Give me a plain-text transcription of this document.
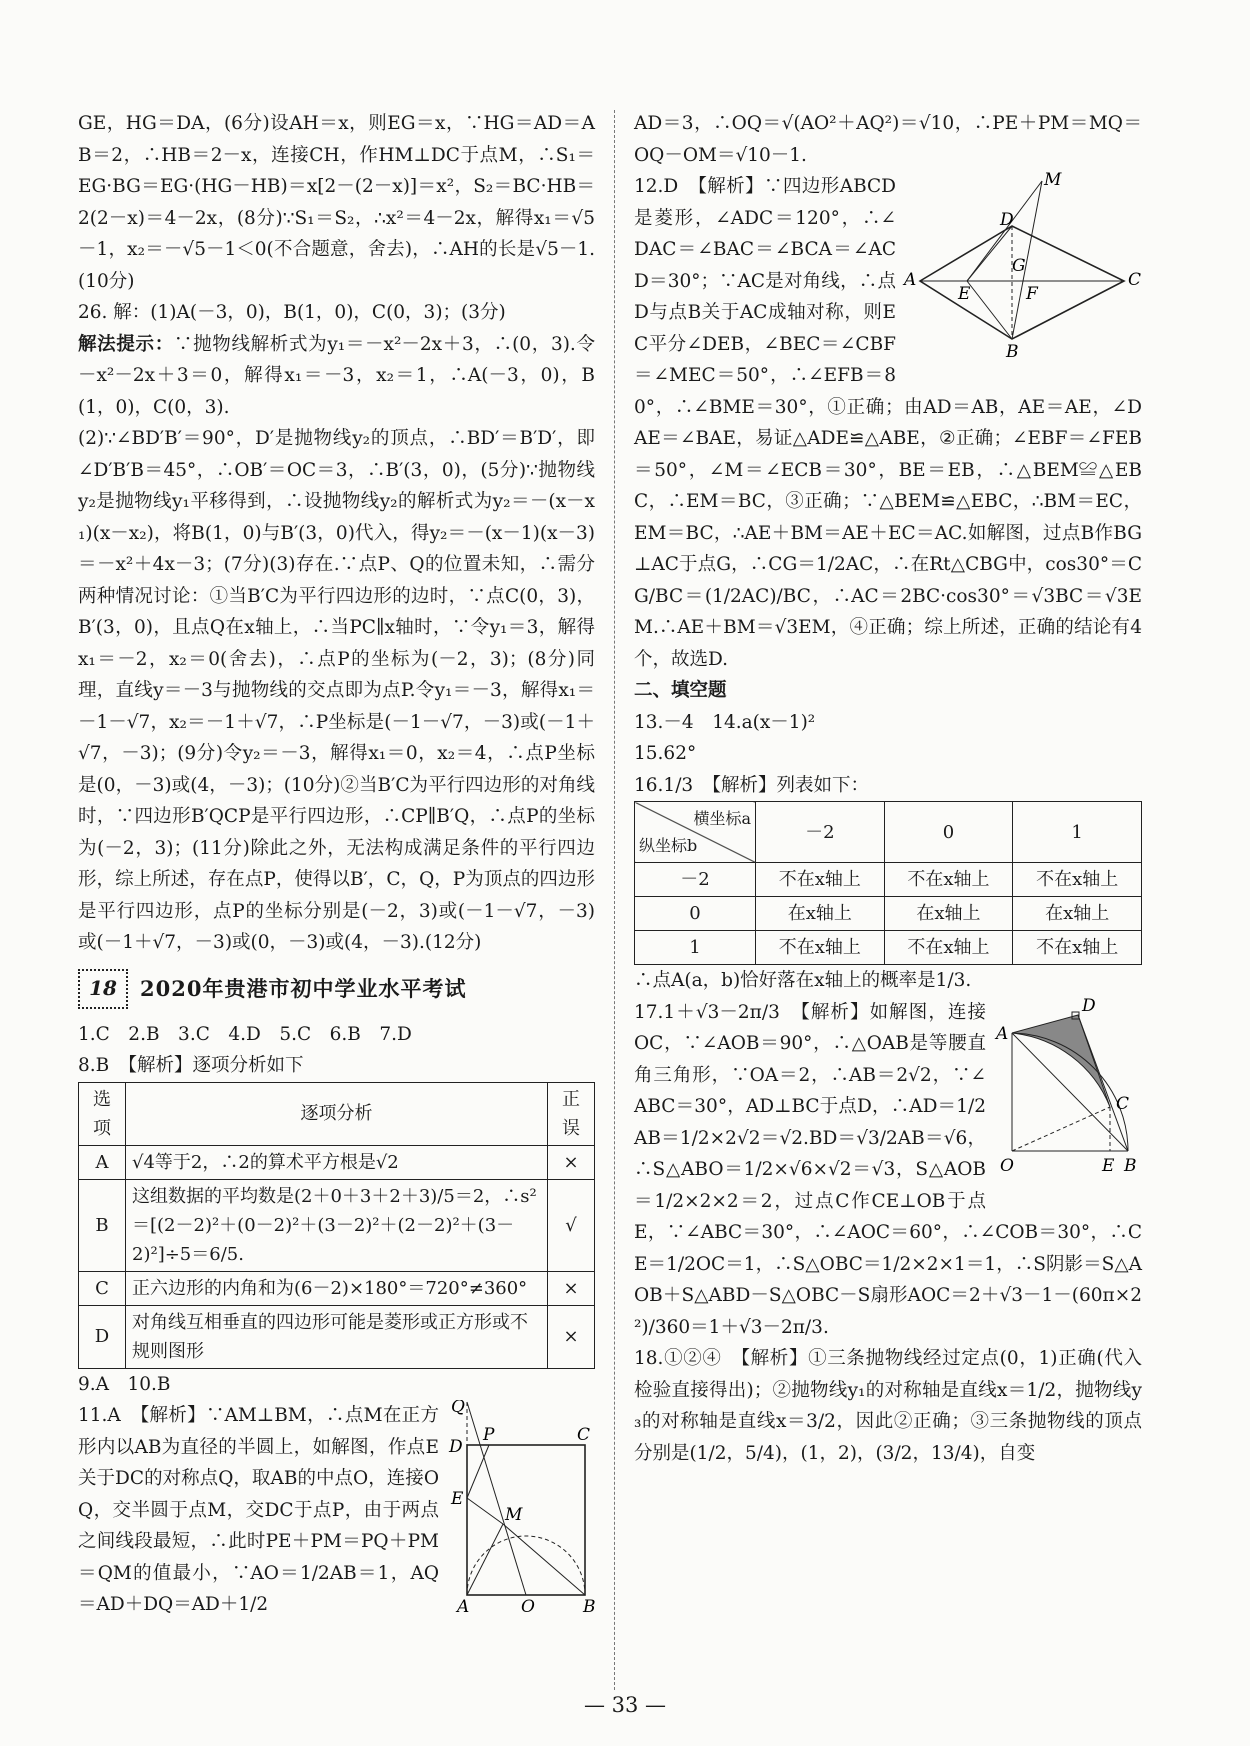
GE，HG＝DA，(6分)设AH＝x，则EG＝x，∵HG＝AD＝AB＝2，∴HB＝2－x，连接CH，作HM⊥DC于点M，∴S₁＝EG·BG＝EG·(HG－HB)＝x[2－(2－x)]＝x²，S₂＝BC·HB＝2(2－x)＝4－2x，(8分)∵S₁＝S₂，∴x²＝4－2x，解得x₁＝√5－1，x₂＝－√5－1＜0(不合题意，舍去)，∴AH的长是√5－1.(10分)

26. 解：(1)A(－3，0)，B(1，0)，C(0，3)；(3分)

解法提示：∵抛物线解析式为y₁＝－x²－2x＋3，∴(0，3).令－x²－2x＋3＝0，解得x₁＝－3，x₂＝1，∴A(－3，0)，B(1，0)，C(0，3).

(2)∵∠BD′B′＝90°，D′是抛物线y₂的顶点，∴BD′＝B′D′，即∠D′B′B＝45°，∴OB′＝OC＝3，∴B′(3，0)，(5分)∵抛物线y₂是抛物线y₁平移得到，∴设抛物线y₂的解析式为y₂＝－(x－x₁)(x－x₂)，将B(1，0)与B′(3，0)代入，得y₂＝－(x－1)(x－3)＝－x²＋4x－3；(7分)(3)存在.∵点P、Q的位置未知，∴需分两种情况讨论：①当B′C为平行四边形的边时，∵点C(0，3)，B′(3，0)，且点Q在x轴上，∴当PC∥x轴时，∵令y₁＝3，解得x₁＝－2，x₂＝0(舍去)，∴点P的坐标为(－2，3)；(8分)同理，直线y＝－3与抛物线的交点即为点P.令y₁＝－3，解得x₁＝－1－√7，x₂＝－1＋√7，∴P坐标是(－1－√7，－3)或(－1＋√7，－3)；(9分)令y₂＝－3，解得x₁＝0，x₂＝4，∴点P坐标是(0，－3)或(4，－3)；(10分)②当B′C为平行四边形的对角线时，∵四边形B′QCP是平行四边形，∴CP∥B′Q，∴点P的坐标为(－2，3)；(11分)除此之外，无法构成满足条件的平行四边形，综上所述，存在点P，使得以B′，C，Q，P为顶点的四边形是平行四边形，点P的坐标分别是(－2，3)或(－1－√7，－3)或(－1＋√7，－3)或(0，－3)或(4，－3).(12分)

18	2020年贵港市初中学业水平考试

1.C　2.B　3.C　4.D　5.C　6.B　7.D

8.B　【解析】逐项分析如下

选项	逐项分析	正误
A	√4等于2，∴2的算术平方根是√2	×
B	这组数据的平均数是(2＋0＋3＋2＋3)/5＝2，∴s²＝[(2－2)²＋(0－2)²＋(3－2)²＋(2－2)²＋(3－2)²]÷5＝6/5.	√
C	正六边形的内角和为(6－2)×180°＝720°≠360°	×
D	对角线互相垂直的四边形可能是菱形或正方形或不规则图形	×

9.A　10.B

Q
D
P	C
E
M
A	O	B

11.A　【解析】∵AM⊥BM，∴点M在正方形内以AB为直径的半圆上，如解图，作点E关于DC的对称点Q，取AB的中点O，连接OQ，交半圆于点M，交DC于点P，由于两点之间线段最短，∴此时PE＋PM＝PQ＋PM＝QM的值最小，∵AO＝1/2AB＝1，AQ＝AD＋DQ＝AD＋1/2

AD＝3，∴OQ＝√(AO²＋AQ²)＝√10，∴PE＋PM＝MQ＝OQ－OM＝√10－1.

M
D
G
A
E	F
C
B

12.D　【解析】∵四边形ABCD是菱形，∠ADC＝120°，∴∠DAC＝∠BAC＝∠BCA＝∠ACD＝30°；∵AC是对角线，∴点D与点B关于AC成轴对称，则EC平分∠DEB，∠BEC＝∠CBF＝∠MEC＝50°，∴∠EFB＝80°，∴∠BME＝30°，①正确；由AD＝AB，AE＝AE，∠DAE＝∠BAE，易证△ADE≌△ABE，②正确；∠EBF＝∠FEB＝50°，∠M＝∠ECB＝30°，BE＝EB，∴△BEM≌△EBC，∴EM＝BC，③正确；∵△BEM≌△EBC，∴BM＝EC，EM＝BC，∴AE＋BM＝AE＋EC＝AC.如解图，过点B作BG⊥AC于点G，∴CG＝1/2AC，∴在Rt△CBG中，cos30°＝CG/BC＝(1/2AC)/BC，∴AC＝2BC·cos30°＝√3BC＝√3EM.∴AE＋BM＝√3EM，④正确；综上所述，正确的结论有4个，故选D.

二、填空题

13.－4　14.a(x－1)²

15.62°

16.1/3　【解析】列表如下：

横坐标a
纵坐标b	－2	0	1
－2	不在x轴上	不在x轴上	不在x轴上
0	在x轴上	在x轴上	在x轴上
1	不在x轴上	不在x轴上	不在x轴上

∴点A(a，b)恰好落在x轴上的概率是1/3.

D
A
C
O	E B

17.1＋√3－2π/3　【解析】如解图，连接OC，∵∠AOB＝90°，∴△OAB是等腰直角三角形，∵OA＝2，∴AB＝2√2，∵∠ABC＝30°，AD⊥BC于点D，∴AD＝1/2AB＝1/2×2√2＝√2.BD＝√3/2AB＝√6，∴S△ABO＝1/2×√6×√2＝√3，S△AOB＝1/2×2×2＝2，过点C作CE⊥OB于点E，∵∠ABC＝30°，∴∠AOC＝60°，∴∠COB＝30°，∴CE＝1/2OC＝1，∴S△OBC＝1/2×2×1＝1，∴S阴影＝S△AOB＋S△ABD－S△OBC－S扇形AOC＝2＋√3－1－(60π×2²)/360＝1＋√3－2π/3.

18.①②④　【解析】①三条抛物线经过定点(0，1)正确(代入检验直接得出)；②抛物线y₁的对称轴是直线x＝1/2，抛物线y₃的对称轴是直线x＝3/2，因此②正确；③三条抛物线的顶点分别是(1/2，5/4)，(1，2)，(3/2，13/4)，自变

— 33 —
